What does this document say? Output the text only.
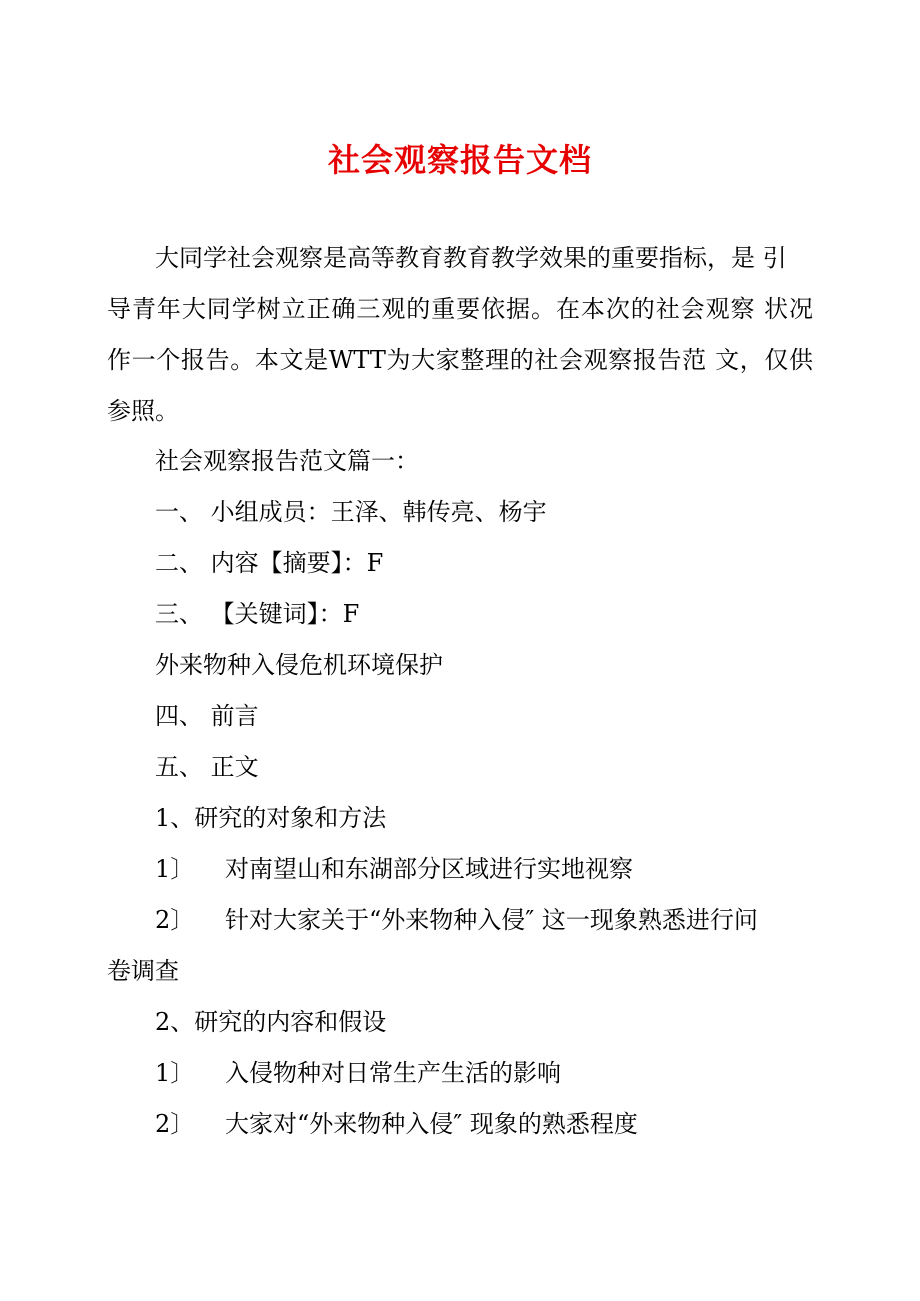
社会观察报告文档
大同学社会观察是高等教育教育教学效果的重要指标，是 引
导青年大同学树立正确三观的重要依据。在本次的社会观察 状况
作一个报告。本文是WTT为大家整理的社会观察报告范 文，仅供
参照。
社会观察报告范文篇一：
一、 小组成员：王泽、韩传亮、杨宇
二、 内容【摘要】：F
三、 【关键词】：F
外来物种入侵危机环境保护
四、 前言
五、 正文
1、研究的对象和方法
1〕 对南望山和东湖部分区域进行实地视察
2〕 针对大家关于“外来物种入侵″ 这一现象熟悉进行问
卷调查
2、研究的内容和假设
1〕 入侵物种对日常生产生活的影响
2〕 大家对“外来物种入侵″ 现象的熟悉程度
